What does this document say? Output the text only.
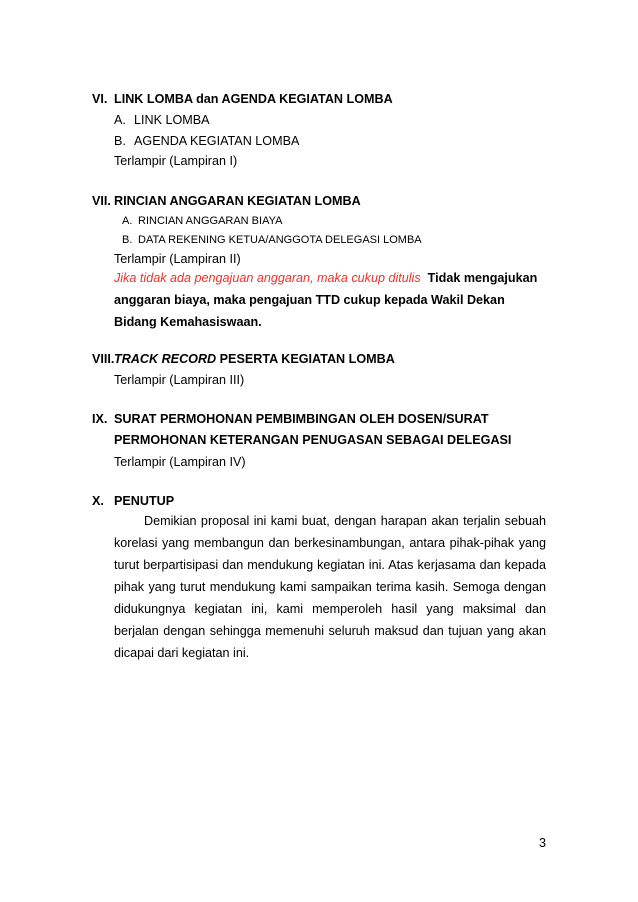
VI. LINK LOMBA dan AGENDA KEGIATAN LOMBA
A. LINK LOMBA
B. AGENDA KEGIATAN LOMBA
Terlampir (Lampiran I)
VII. RINCIAN ANGGARAN KEGIATAN LOMBA
A. RINCIAN ANGGARAN BIAYA
B. DATA REKENING KETUA/ANGGOTA DELEGASI LOMBA
Terlampir (Lampiran II)
Jika tidak ada pengajuan anggaran, maka cukup ditulis Tidak mengajukan anggaran biaya, maka pengajuan TTD cukup kepada Wakil Dekan Bidang Kemahasiswaan.
VIII. TRACK RECORD PESERTA KEGIATAN LOMBA
Terlampir (Lampiran III)
IX. SURAT PERMOHONAN PEMBIMBINGAN OLEH DOSEN/SURAT
PERMOHONAN KETERANGAN PENUGASAN SEBAGAI DELEGASI
Terlampir (Lampiran IV)
X. PENUTUP
Demikian proposal ini kami buat, dengan harapan akan terjalin sebuah korelasi yang membangun dan berkesinambungan, antara pihak-pihak yang turut berpartisipasi dan mendukung kegiatan ini. Atas kerjasama dan kepada pihak yang turut mendukung kami sampaikan terima kasih. Semoga dengan didukungnya kegiatan ini, kami memperoleh hasil yang maksimal dan berjalan dengan sehingga memenuhi seluruh maksud dan tujuan yang akan dicapai dari kegiatan ini.
3
